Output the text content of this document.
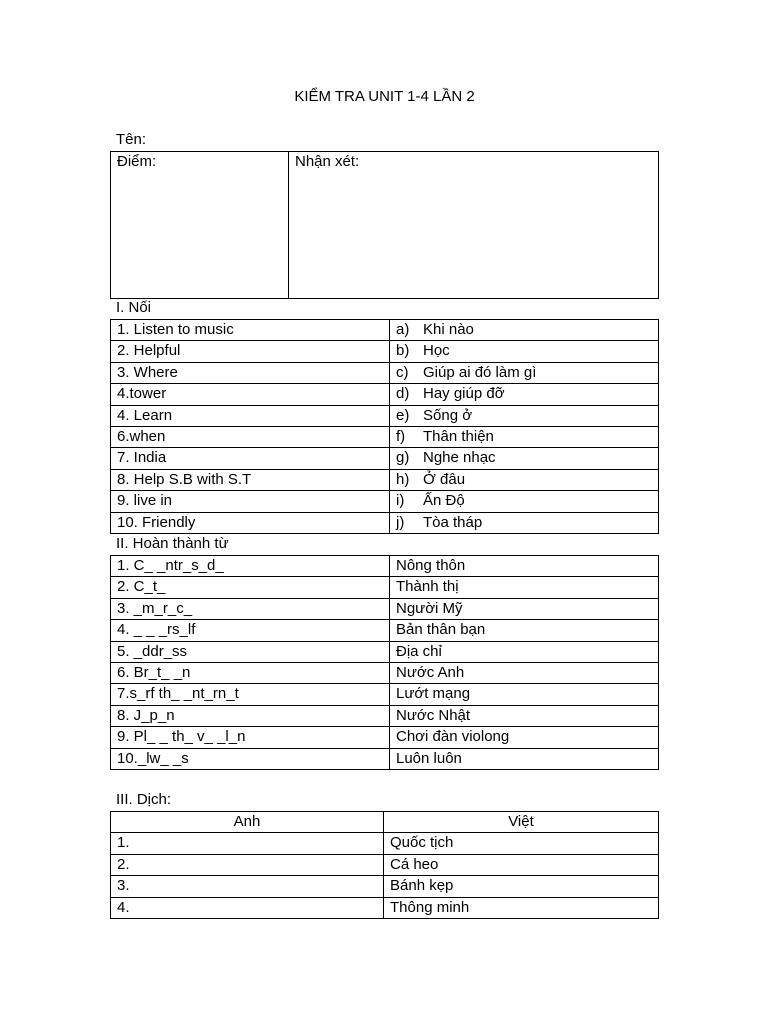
KIỂM TRA UNIT 1-4 LẦN 2
Tên:
Điểm:	Nhận xét:
I. Nối
1. Listen to music	a) Khi nào
2. Helpful	b) Học
3. Where	c) Giúp ai đó làm gì
4.tower	d) Hay giúp đỡ
4. Learn	e) Sống ở
6.when	f) Thân thiện
7. India	g) Nghe nhạc
8. Help S.B with S.T	h) Ở đâu
9. live in	i) Ấn Độ
10. Friendly	j) Tòa tháp
II. Hoàn thành từ
1. C_ _ntr_s_d_	Nông thôn
2. C_t_	Thành thị
3. _m_r_c_	Người Mỹ
4. _ _ _rs_lf	Bản thân bạn
5. _ddr_ss	Địa chỉ
6. Br_t_ _n	Nước Anh
7.s_rf th_ _nt_rn_t	Lướt mạng
8. J_p_n	Nước Nhật
9. Pl_ _ th_ v_ _l_n	Chơi đàn violong
10._lw_ _s	Luôn luôn
III. Dịch:
Anh	Việt
1.	Quốc tịch
2.	Cá heo
3.	Bánh kẹp
4.	Thông minh
